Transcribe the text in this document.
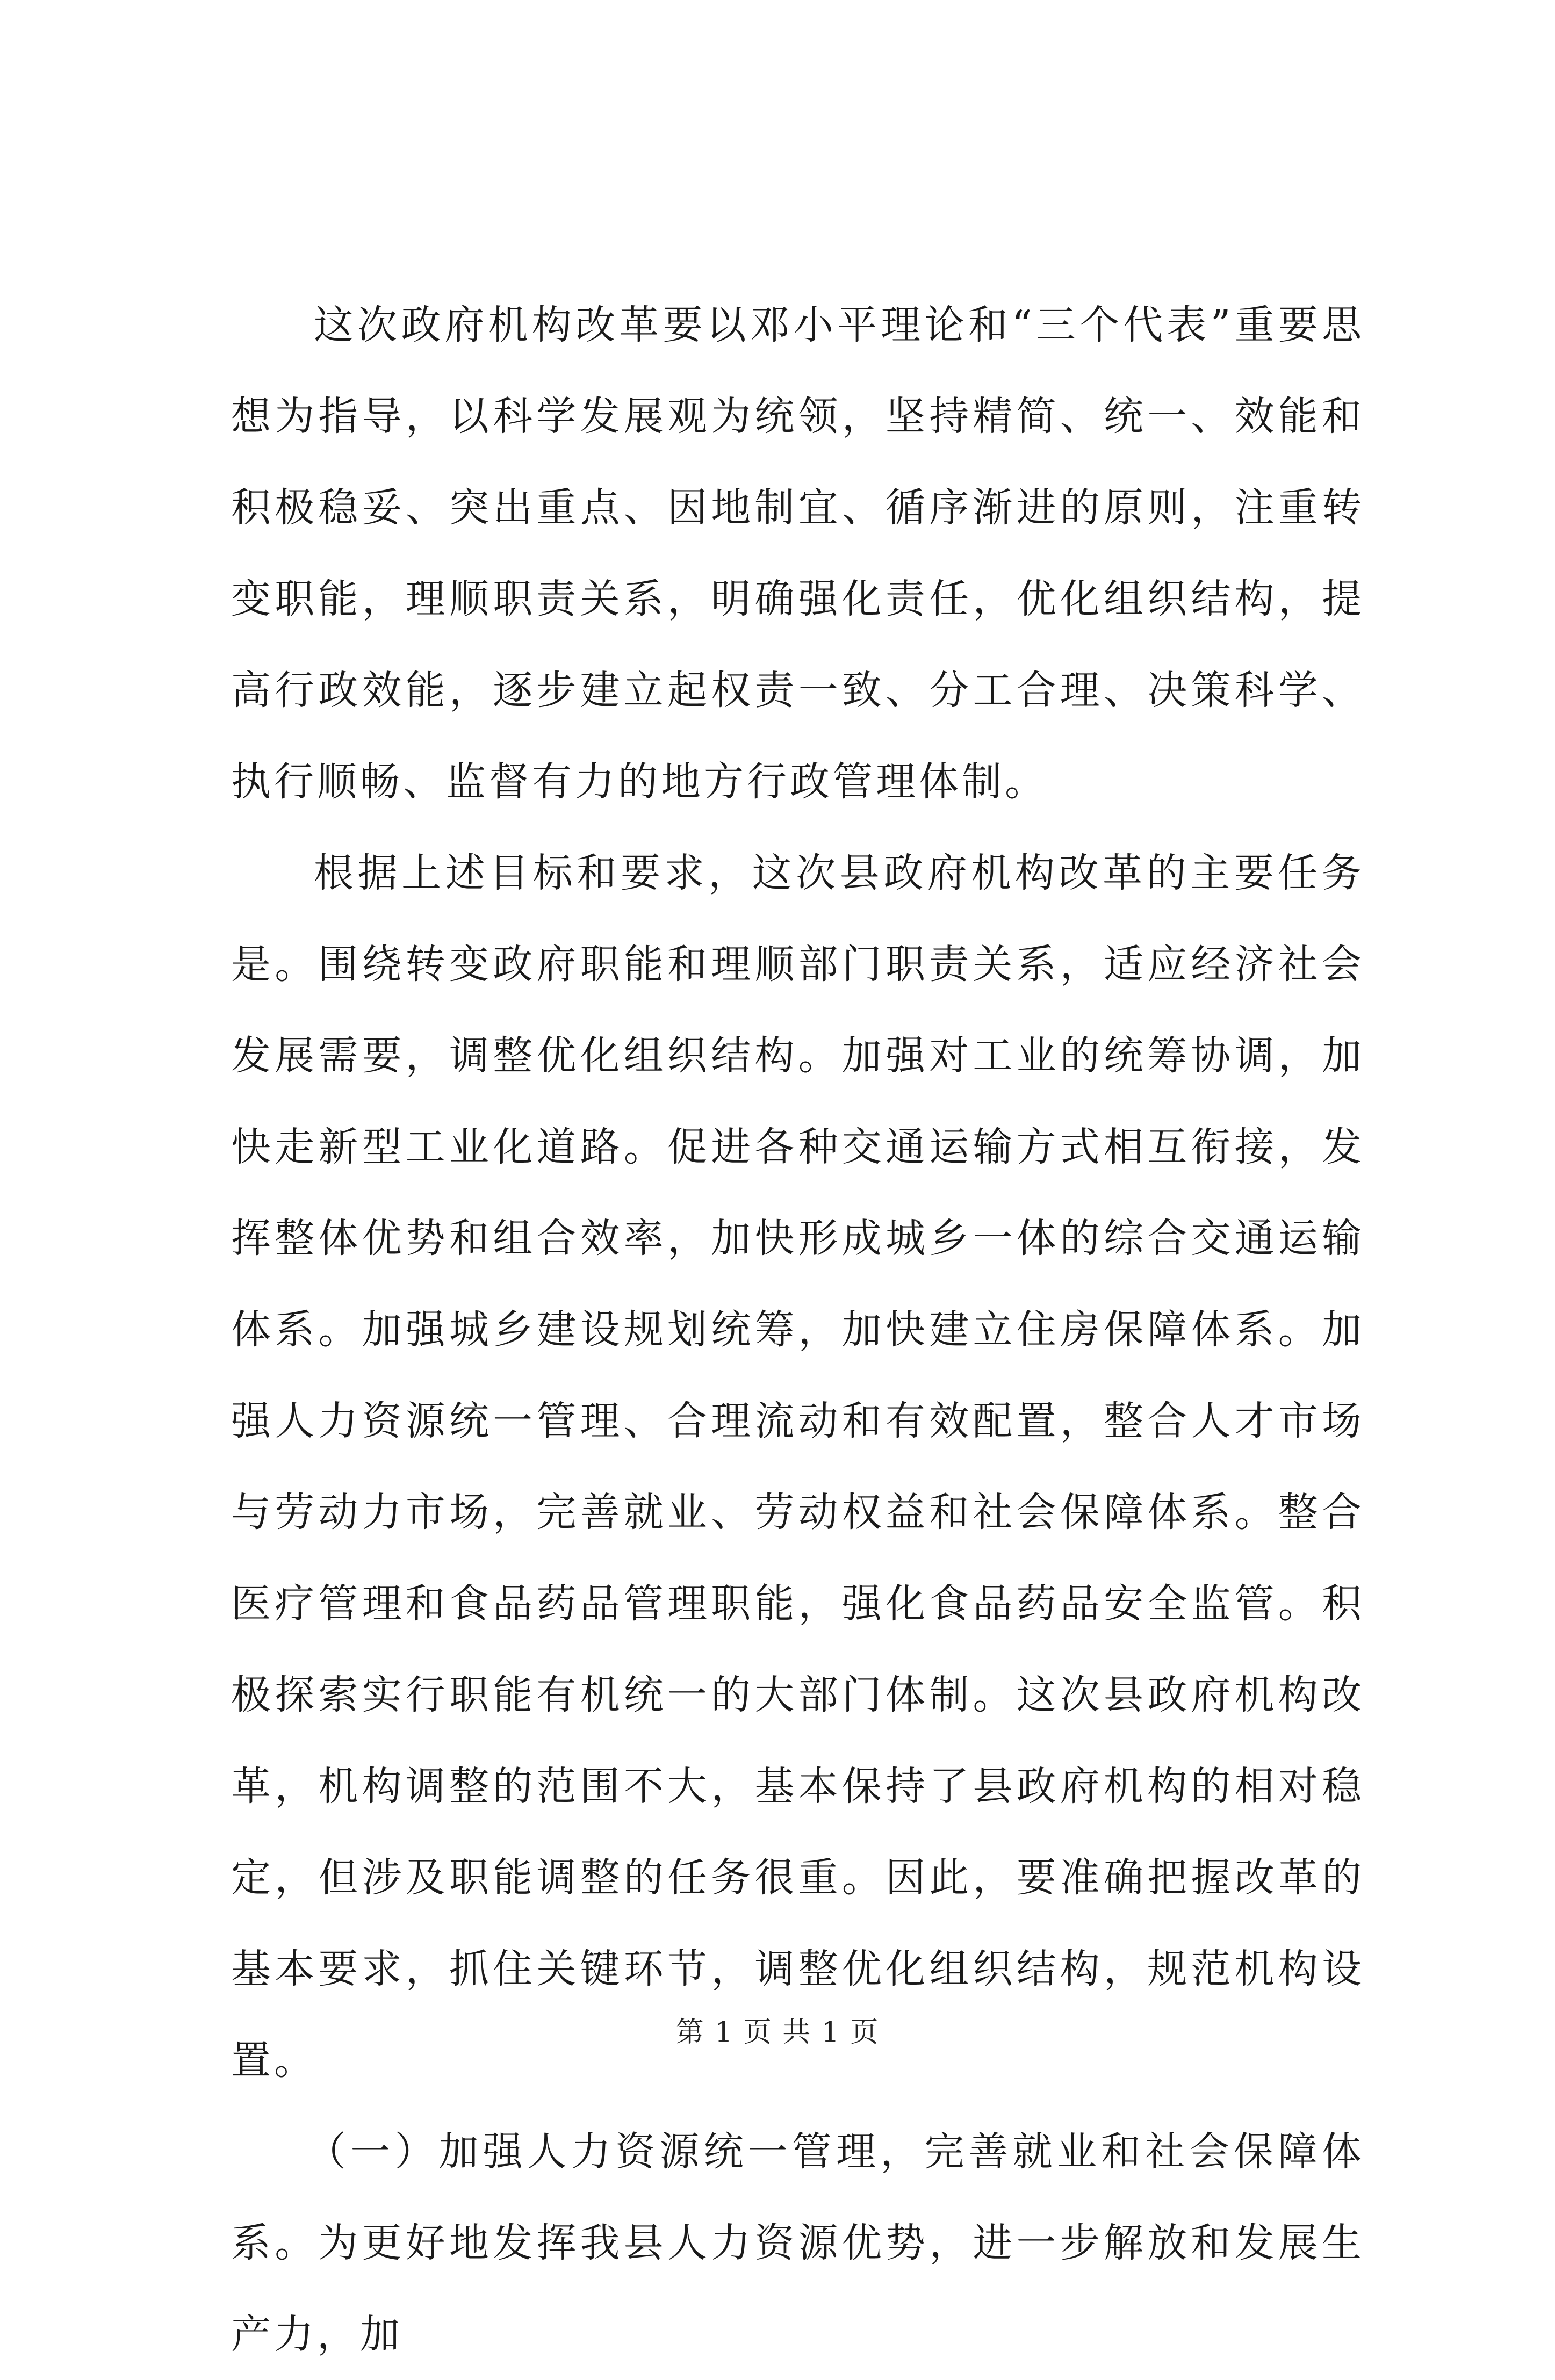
这次政府机构改革要以邓小平理论和“三个代表”重要思想为指导，以科学发展观为统领，坚持精简、统一、效能和积极稳妥、突出重点、因地制宜、循序渐进的原则，注重转变职能，理顺职责关系，明确强化责任，优化组织结构，提高行政效能，逐步建立起权责一致、分工合理、决策科学、执行顺畅、监督有力的地方行政管理体制。

根据上述目标和要求，这次县政府机构改革的主要任务是。围绕转变政府职能和理顺部门职责关系，适应经济社会发展需要，调整优化组织结构。加强对工业的统筹协调，加快走新型工业化道路。促进各种交通运输方式相互衔接，发挥整体优势和组合效率，加快形成城乡一体的综合交通运输体系。加强城乡建设规划统筹，加快建立住房保障体系。加强人力资源统一管理、合理流动和有效配置，整合人才市场与劳动力市场，完善就业、劳动权益和社会保障体系。整合医疗管理和食品药品管理职能，强化食品药品安全监管。积极探索实行职能有机统一的大部门体制。这次县政府机构改革，机构调整的范围不大，基本保持了县政府机构的相对稳定，但涉及职能调整的任务很重。因此，要准确把握改革的基本要求，抓住关键环节，调整优化组织结构，规范机构设置。

（一）加强人力资源统一管理，完善就业和社会保障体系。为更好地发挥我县人力资源优势，进一步解放和发展生产力，加

第 1 页 共 1 页
